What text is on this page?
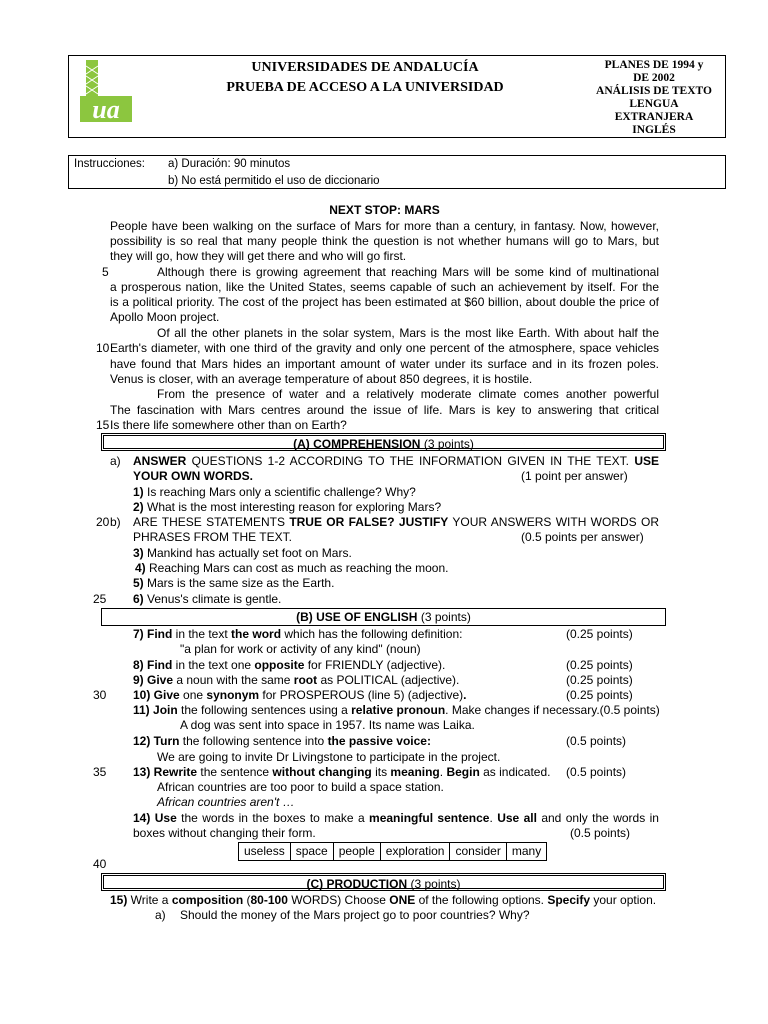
ua
UNIVERSIDADES DE ANDALUCÍA
PRUEBA DE ACCESO A LA UNIVERSIDAD
PLANES DE 1994 y
DE 2002
ANÁLISIS DE TEXTO
LENGUA
EXTRANJERA
INGLÉS
Instrucciones: a) Duración: 90 minutos
b) No está permitido el uso de diccionario
NEXT STOP: MARS
People have been walking on the surface of Mars for more than a century, in fantasy. Now, however,
possibility is so real that many people think the question is not whether humans will go to Mars, but
they will go, how they will get there and who will go first.
Although there is growing agreement that reaching Mars will be some kind of multinational
a prosperous nation, like the United States, seems capable of such an achievement by itself. For the
is a political priority. The cost of the project has been estimated at $60 billion, about double the price of
Apollo Moon project.
Of all the other planets in the solar system, Mars is the most like Earth. With about half the
Earth's diameter, with one third of the gravity and only one percent of the atmosphere, space vehicles
have found that Mars hides an important amount of water under its surface and in its frozen poles.
Venus is closer, with an average temperature of about 850 degrees, it is hostile.
From the presence of water and a relatively moderate climate comes another powerful
The fascination with Mars centres around the issue of life. Mars is key to answering that critical
Is there life somewhere other than on Earth?
5
10
15
(A) COMPREHENSION (3 points)
a) ANSWER QUESTIONS 1-2 ACCORDING TO THE INFORMATION GIVEN IN THE TEXT. USE
YOUR OWN WORDS.	(1 point per answer)
1) Is reaching Mars only a scientific challenge? Why?
2) What is the most interesting reason for exploring Mars?
20 b) ARE THESE STATEMENTS TRUE OR FALSE? JUSTIFY YOUR ANSWERS WITH WORDS OR
PHRASES FROM THE TEXT.	(0.5 points per answer)
3) Mankind has actually set foot on Mars.
4) Reaching Mars can cost as much as reaching the moon.
5) Mars is the same size as the Earth.
25 6) Venus's climate is gentle.
(B) USE OF ENGLISH (3 points)
7) Find in the text the word which has the following definition:	(0.25 points)
"a plan for work or activity of any kind" (noun)
8) Find in the text one opposite for FRIENDLY (adjective).	(0.25 points)
9) Give a noun with the same root as POLITICAL (adjective).	(0.25 points)
30 10) Give one synonym for PROSPEROUS (line 5) (adjective).	(0.25 points)
11) Join the following sentences using a relative pronoun. Make changes if necessary.(0.5 points)
A dog was sent into space in 1957. Its name was Laika.
12) Turn the following sentence into the passive voice:	(0.5 points)
We are going to invite Dr Livingstone to participate in the project.
35 13) Rewrite the sentence without changing its meaning. Begin as indicated. (0.5 points)
African countries are too poor to build a space station.
African countries aren't …
14) Use the words in the boxes to make a meaningful sentence. Use all and only the words in
boxes without changing their form.	(0.5 points)
useless space people exploration consider many
40
(C) PRODUCTION (3 points)
15) Write a composition (80-100 WORDS) Choose ONE of the following options. Specify your option.
a) Should the money of the Mars project go to poor countries? Why?
